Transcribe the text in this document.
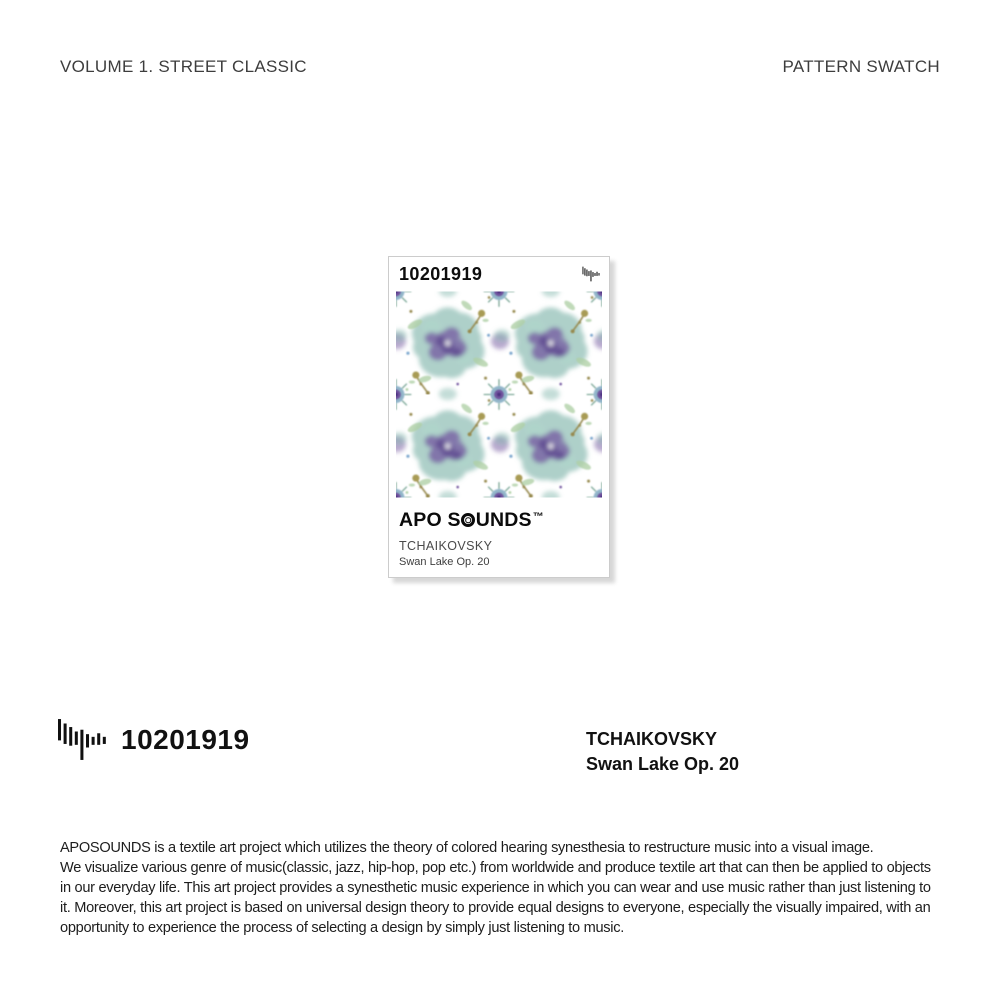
VOLUME 1. STREET CLASSIC	PATTERN SWATCH
10201919
APO S UNDS™
TCHAIKOVSKY
Swan Lake Op. 20
10201919	TCHAIKOVSKY
Swan Lake Op. 20

APOSOUNDS is a textile art project which utilizes the theory of colored hearing synesthesia to restructure music into a visual image.
We visualize various genre of music(classic, jazz, hip-hop, pop etc.) from worldwide and produce textile art that can then be applied to objects in our everyday life. This art project provides a synesthetic music experience in which you can wear and use music rather than just listening to it. Moreover, this art project is based on universal design theory to provide equal designs to everyone, especially the visually impaired, with an opportunity to experience the process of selecting a design by simply just listening to music.
